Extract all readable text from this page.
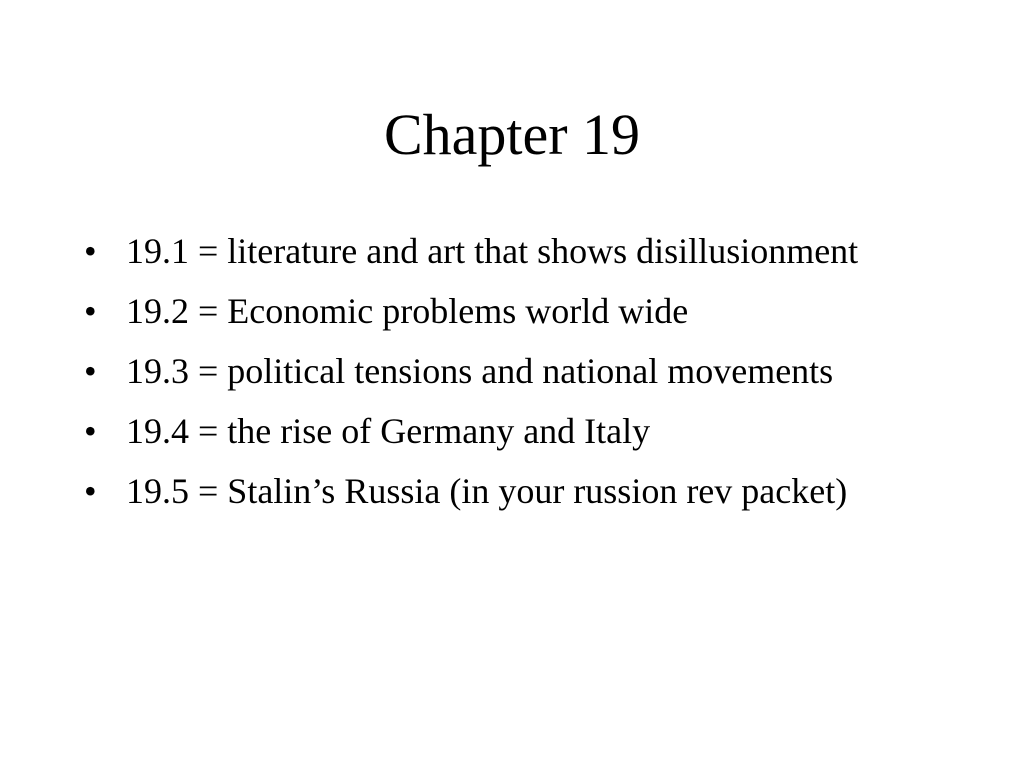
Chapter 19
• 19.1 = literature and art that shows disillusionment
• 19.2 = Economic problems world wide
• 19.3 = political tensions and national movements
• 19.4 = the rise of Germany and Italy
• 19.5 = Stalin’s Russia (in your russion rev packet)
